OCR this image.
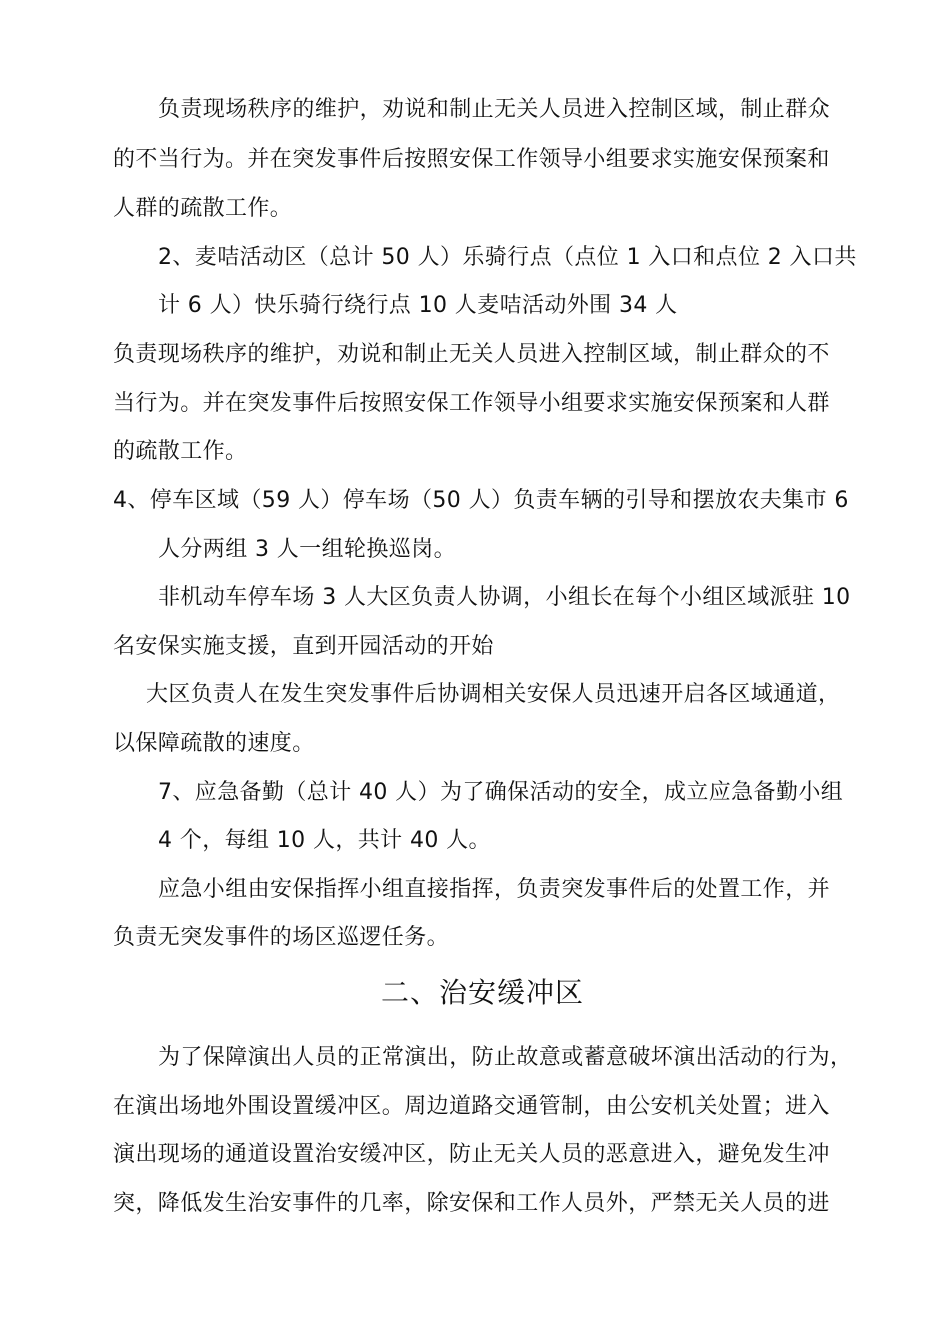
负责现场秩序的维护，劝说和制止无关人员进入控制区域，制止群众
的不当行为。并在突发事件后按照安保工作领导小组要求实施安保预案和
人群的疏散工作。
2、麦咭活动区（总计 50 人）乐骑行点（点位 1 入口和点位 2 入口共
计 6 人）快乐骑行绕行点 10 人麦咭活动外围 34 人
负责现场秩序的维护，劝说和制止无关人员进入控制区域，制止群众的不
当行为。并在突发事件后按照安保工作领导小组要求实施安保预案和人群
的疏散工作。
4、停车区域（59 人）停车场（50 人）负责车辆的引导和摆放农夫集市 6
人分两组 3 人一组轮换巡岗。
非机动车停车场 3 人大区负责人协调，小组长在每个小组区域派驻 10
名安保实施支援，直到开园活动的开始
大区负责人在发生突发事件后协调相关安保人员迅速开启各区域通道，
以保障疏散的速度。
7、应急备勤（总计 40 人）为了确保活动的安全，成立应急备勤小组
4 个，每组 10 人，共计 40 人。
应急小组由安保指挥小组直接指挥，负责突发事件后的处置工作，并
负责无突发事件的场区巡逻任务。
二、治安缓冲区
为了保障演出人员的正常演出，防止故意或蓄意破坏演出活动的行为，
在演出场地外围设置缓冲区。周边道路交通管制，由公安机关处置；进入
演出现场的通道设置治安缓冲区，防止无关人员的恶意进入，避免发生冲
突，降低发生治安事件的几率，除安保和工作人员外，严禁无关人员的进
